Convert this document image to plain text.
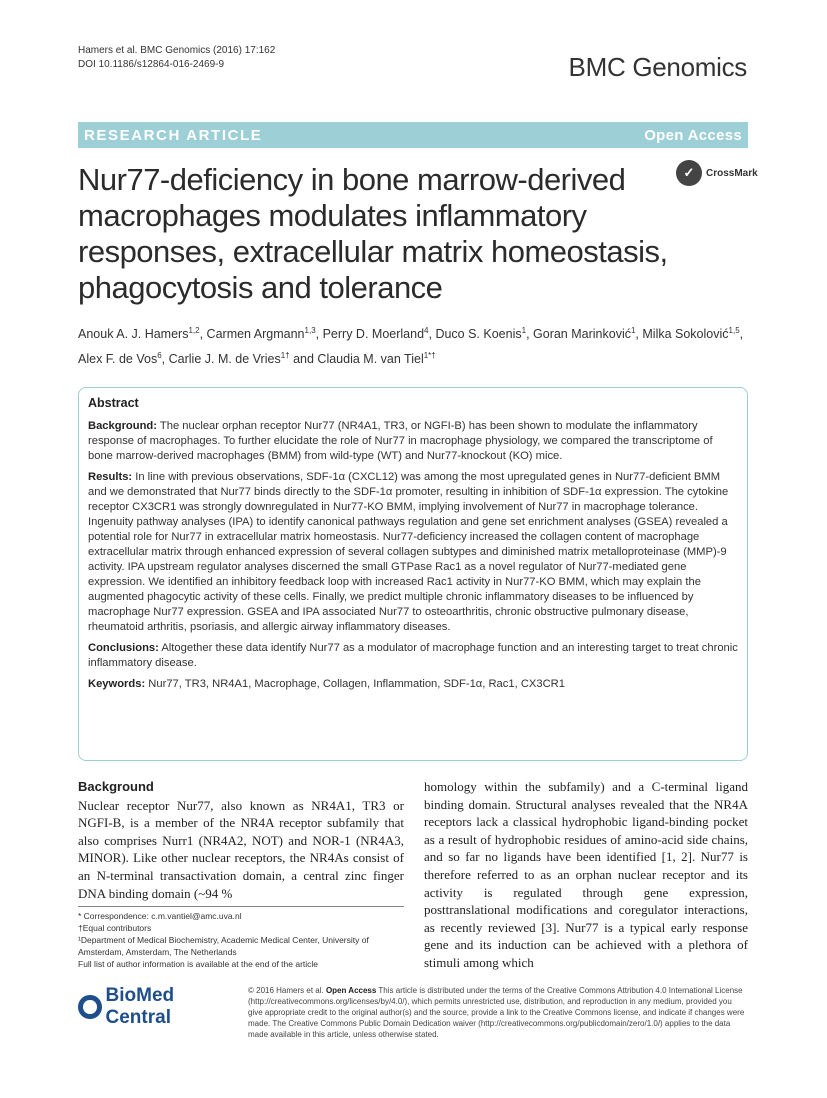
Hamers et al. BMC Genomics (2016) 17:162
DOI 10.1186/s12864-016-2469-9	BMC Genomics
RESEARCH ARTICLE	Open Access
✓	CrossMark
Nur77-deficiency in bone marrow-derived macrophages modulates inflammatory responses, extracellular matrix homeostasis, phagocytosis and tolerance
Anouk A. J. Hamers$^{1,2}$, Carmen Argmann$^{1,3}$, Perry D. Moerland$^4$, Duco S. Koenis$^1$, Goran Marinković$^1$, Milka Sokolović$^{1,5}$, Alex F. de Vos$^6$, Carlie J. M. de Vries$^{1\dagger}$ and Claudia M. van Tiel$^{1*\dagger}$
Abstract

Background: The nuclear orphan receptor Nur77 (NR4A1, TR3, or NGFI-B) has been shown to modulate the inflammatory response of macrophages. To further elucidate the role of Nur77 in macrophage physiology, we compared the transcriptome of bone marrow-derived macrophages (BMM) from wild-type (WT) and Nur77-knockout (KO) mice.

Results: In line with previous observations, SDF-1α (CXCL12) was among the most upregulated genes in Nur77-deficient BMM and we demonstrated that Nur77 binds directly to the SDF-1α promoter, resulting in inhibition of SDF-1α expression. The cytokine receptor CX3CR1 was strongly downregulated in Nur77-KO BMM, implying involvement of Nur77 in macrophage tolerance. Ingenuity pathway analyses (IPA) to identify canonical pathways regulation and gene set enrichment analyses (GSEA) revealed a potential role for Nur77 in extracellular matrix homeostasis. Nur77-deficiency increased the collagen content of macrophage extracellular matrix through enhanced expression of several collagen subtypes and diminished matrix metalloproteinase (MMP)-9 activity. IPA upstream regulator analyses discerned the small GTPase Rac1 as a novel regulator of Nur77-mediated gene expression. We identified an inhibitory feedback loop with increased Rac1 activity in Nur77-KO BMM, which may explain the augmented phagocytic activity of these cells. Finally, we predict multiple chronic inflammatory diseases to be influenced by macrophage Nur77 expression. GSEA and IPA associated Nur77 to osteoarthritis, chronic obstructive pulmonary disease, rheumatoid arthritis, psoriasis, and allergic airway inflammatory diseases.

Conclusions: Altogether these data identify Nur77 as a modulator of macrophage function and an interesting target to treat chronic inflammatory disease.

Keywords: Nur77, TR3, NR4A1, Macrophage, Collagen, Inflammation, SDF-1α, Rac1, CX3CR1

Background

Nuclear receptor Nur77, also known as NR4A1, TR3 or NGFI-B, is a member of the NR4A receptor subfamily that also comprises Nurr1 (NR4A2, NOT) and NOR-1 (NR4A3, MINOR). Like other nuclear receptors, the NR4As consist of an N-terminal transactivation domain, a central zinc finger DNA binding domain (~94 %

homology within the subfamily) and a C-terminal ligand binding domain. Structural analyses revealed that the NR4A receptors lack a classical hydrophobic ligand-binding pocket as a result of hydrophobic residues of amino-acid side chains, and so far no ligands have been identified [1, 2]. Nur77 is therefore referred to as an orphan nuclear receptor and its activity is regulated through gene expression, posttranslational modifications and coregulator interactions, as recently reviewed [3]. Nur77 is a typical early response gene and its induction can be achieved with a plethora of stimuli among which

* Correspondence: c.m.vantiel@amc.uva.nl
†Equal contributors
¹Department of Medical Biochemistry, Academic Medical Center, University of Amsterdam, Amsterdam, The Netherlands
Full list of author information is available at the end of the article
BioMed Central
© 2016 Hamers et al. Open Access This article is distributed under the terms of the Creative Commons Attribution 4.0 International License (http://creativecommons.org/licenses/by/4.0/), which permits unrestricted use, distribution, and reproduction in any medium, provided you give appropriate credit to the original author(s) and the source, provide a link to the Creative Commons license, and indicate if changes were made. The Creative Commons Public Domain Dedication waiver (http://creativecommons.org/publicdomain/zero/1.0/) applies to the data made available in this article, unless otherwise stated.
